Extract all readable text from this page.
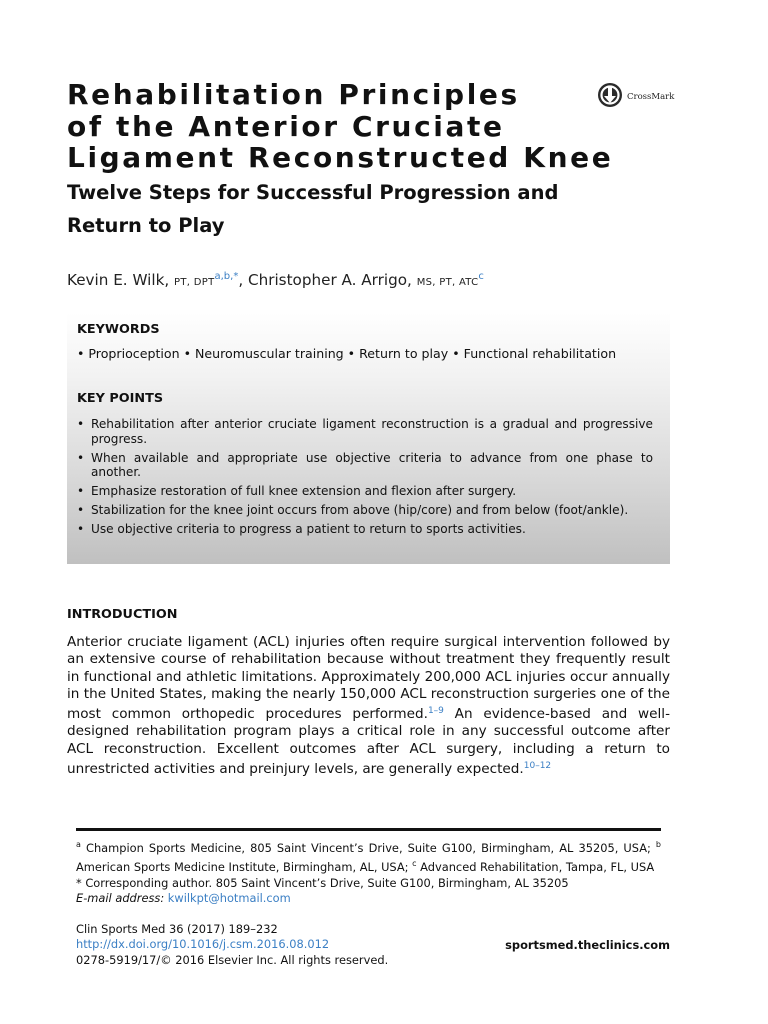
Rehabilitation Principles
of the Anterior Cruciate
Ligament Reconstructed Knee
CrossMark
Twelve Steps for Successful Progression and
Return to Play
Kevin E. Wilk, PT, $DPT^{a,b,*}$, Christopher A. Arrigo, MS, PT, ATC$^c$
KEYWORDS
• Proprioception • Neuromuscular training • Return to play • Functional rehabilitation
KEY POINTS
• Rehabilitation after anterior cruciate ligament reconstruction is a gradual and progressive progress.
• When available and appropriate use objective criteria to advance from one phase to another.
• Emphasize restoration of full knee extension and flexion after surgery.
• Stabilization for the knee joint occurs from above (hip/core) and from below (foot/ankle).
• Use objective criteria to progress a patient to return to sports activities.
INTRODUCTION
Anterior cruciate ligament (ACL) injuries often require surgical intervention followed by an extensive course of rehabilitation because without treatment they frequently result in functional and athletic limitations. Approximately 200,000 ACL injuries occur annually in the United States, making the nearly 150,000 ACL reconstruction surgeries one of the most common orthopedic procedures performed.$^{1-9}$ An evidence-based and well-designed rehabilitation program plays a critical role in any successful outcome after ACL reconstruction. Excellent outcomes after ACL surgery, including a return to unrestricted activities and preinjury levels, are generally expected.$^{10-12}$
$^a$ Champion Sports Medicine, 805 Saint Vincent’s Drive, Suite G100, Birmingham, AL 35205, USA; $^b$ American Sports Medicine Institute, Birmingham, AL, USA; $^c$ Advanced Rehabilitation, Tampa, FL, USA
* Corresponding author. 805 Saint Vincent’s Drive, Suite G100, Birmingham, AL 35205
E-mail address: kwilkpt@hotmail.com
Clin Sports Med 36 (2017) 189–232
http://dx.doi.org/10.1016/j.csm.2016.08.012
0278-5919/17/© 2016 Elsevier Inc. All rights reserved.
sportsmed.theclinics.com
